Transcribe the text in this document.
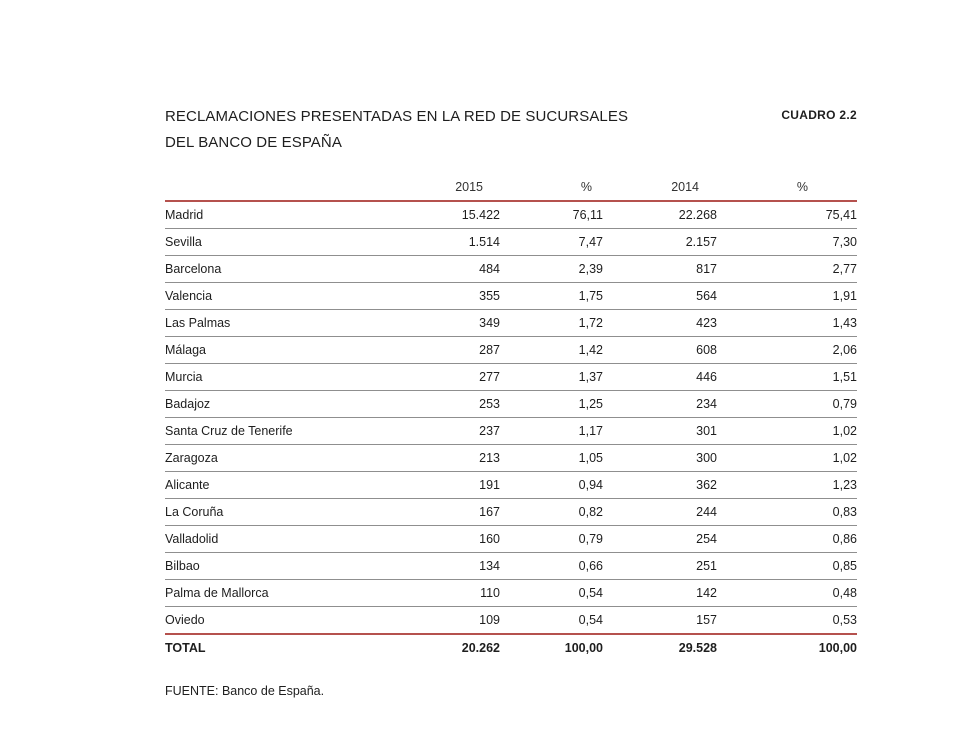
RECLAMACIONES PRESENTADAS EN LA RED DE SUCURSALES
DEL BANCO DE ESPAÑA
CUADRO 2.2
	2015	%	2014	%
Madrid	15.422	76,11	22.268	75,41
Sevilla	1.514	7,47	2.157	7,30
Barcelona	484	2,39	817	2,77
Valencia	355	1,75	564	1,91
Las Palmas	349	1,72	423	1,43
Málaga	287	1,42	608	2,06
Murcia	277	1,37	446	1,51
Badajoz	253	1,25	234	0,79
Santa Cruz de Tenerife	237	1,17	301	1,02
Zaragoza	213	1,05	300	1,02
Alicante	191	0,94	362	1,23
La Coruña	167	0,82	244	0,83
Valladolid	160	0,79	254	0,86
Bilbao	134	0,66	251	0,85
Palma de Mallorca	110	0,54	142	0,48
Oviedo	109	0,54	157	0,53
TOTAL	20.262	100,00	29.528	100,00
FUENTE: Banco de España.
